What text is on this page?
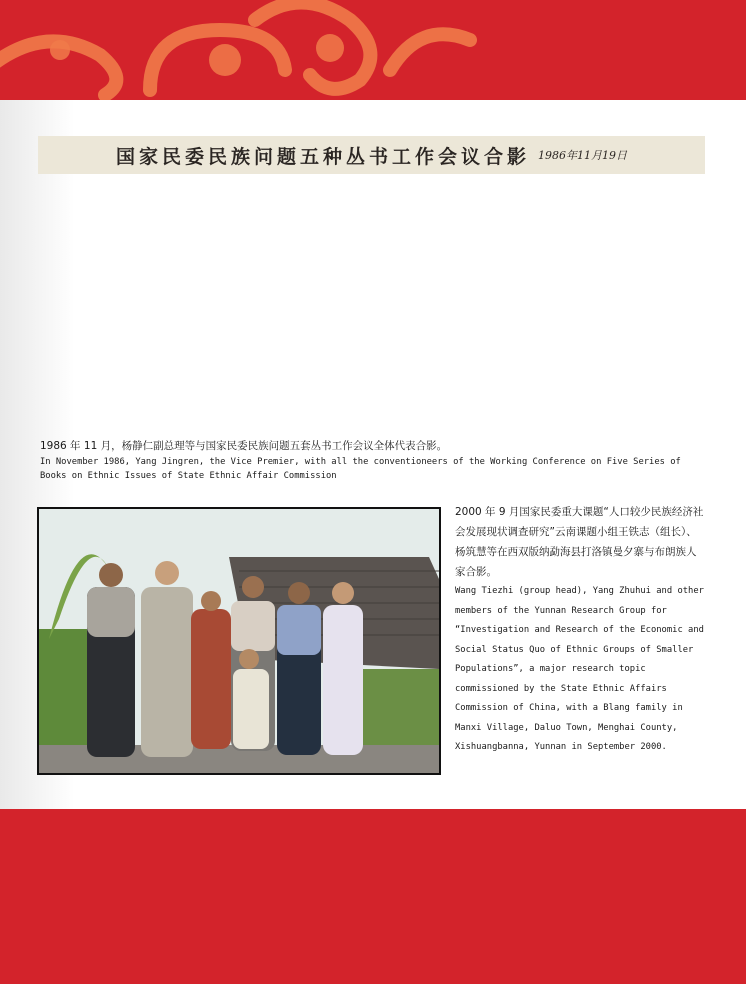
国家民委民族问题五种丛书工作会议合影 1986年11月19日
1986 年 11 月，杨静仁副总理等与国家民委民族问题五套丛书工作会议全体代表合影。
In November 1986, Yang Jingren, the Vice Premier, with all the conventioneers of the Working Conference on Five Series of Books on Ethnic Issues of State Ethnic Affair Commission
2000 年 9 月国家民委重大课题“人口较少民族经济社会发展现状调查研究”云南课题小组王铁志（组长）、杨筑慧等在西双版纳勐海县打洛镇曼夕寨与布朗族人家合影。
Wang Tiezhi (group head), Yang Zhuhui and other members of the Yunnan Research Group for “Investigation and Research of the Economic and Social Status Quo of Ethnic Groups of Smaller Populations”, a major research topic commissioned by the State Ethnic Affairs Commission of China, with a Blang family in Manxi Village, Daluo Town, Menghai County, Xishuangbanna, Yunnan in September 2000.
